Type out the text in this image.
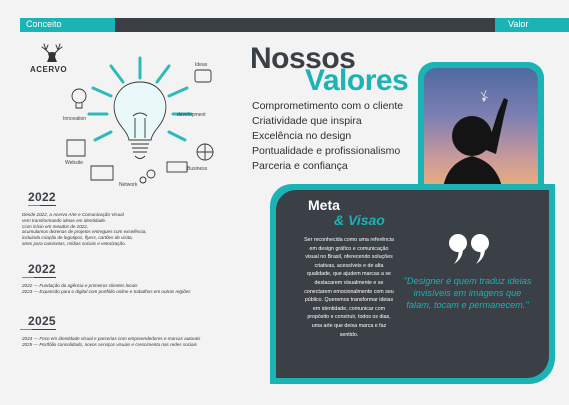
Conceito	Valor
ACERVO
Innovation
Ideas
development
Website
Business
Network
Nossos
Valores
Comprometimento com o cliente
Criatividade que inspira
Excelência no design
Pontualidade e profissionalismo
Parceria e confiança
Meta
& Visao
Ser reconhecida como uma referência em design gráfico e comunicação visual no Brasil, oferecendo soluções criativas, acessíveis e de alta qualidade, que ajudem marcas a se destacarem visualmente e se conectarem emocionalmente com seu público. Queremos transformar ideias em identidade, comunicar com propósito e construir, todos os dias, uma arte que deixa marca e faz sentido.
"Designer é quem traduz ideias invisíveis em imagens que falam, tocam e permanecem."
2022
Desde 2022, a Acervo Arte e Comunicação Visual
vem transformando ideias em identidade.
Com início em meados de 2022,
acumulamos dezenas de projetos entregues com excelência,
incluindo criação de logotipos, flyers, cartões de visita,
artes para camisetas, mídias sociais e vetorização.
2022
2022 — Fundação da agência e primeiros clientes locais
2023 — Expansão para o digital com portfólio online e trabalhos em outras regiões
2025
2024 — Foco em identidade visual e parcerias com empreendedores e marcas autorais
2025 — Portfólio consolidado, novos serviços visuais e crescimento nas redes sociais
